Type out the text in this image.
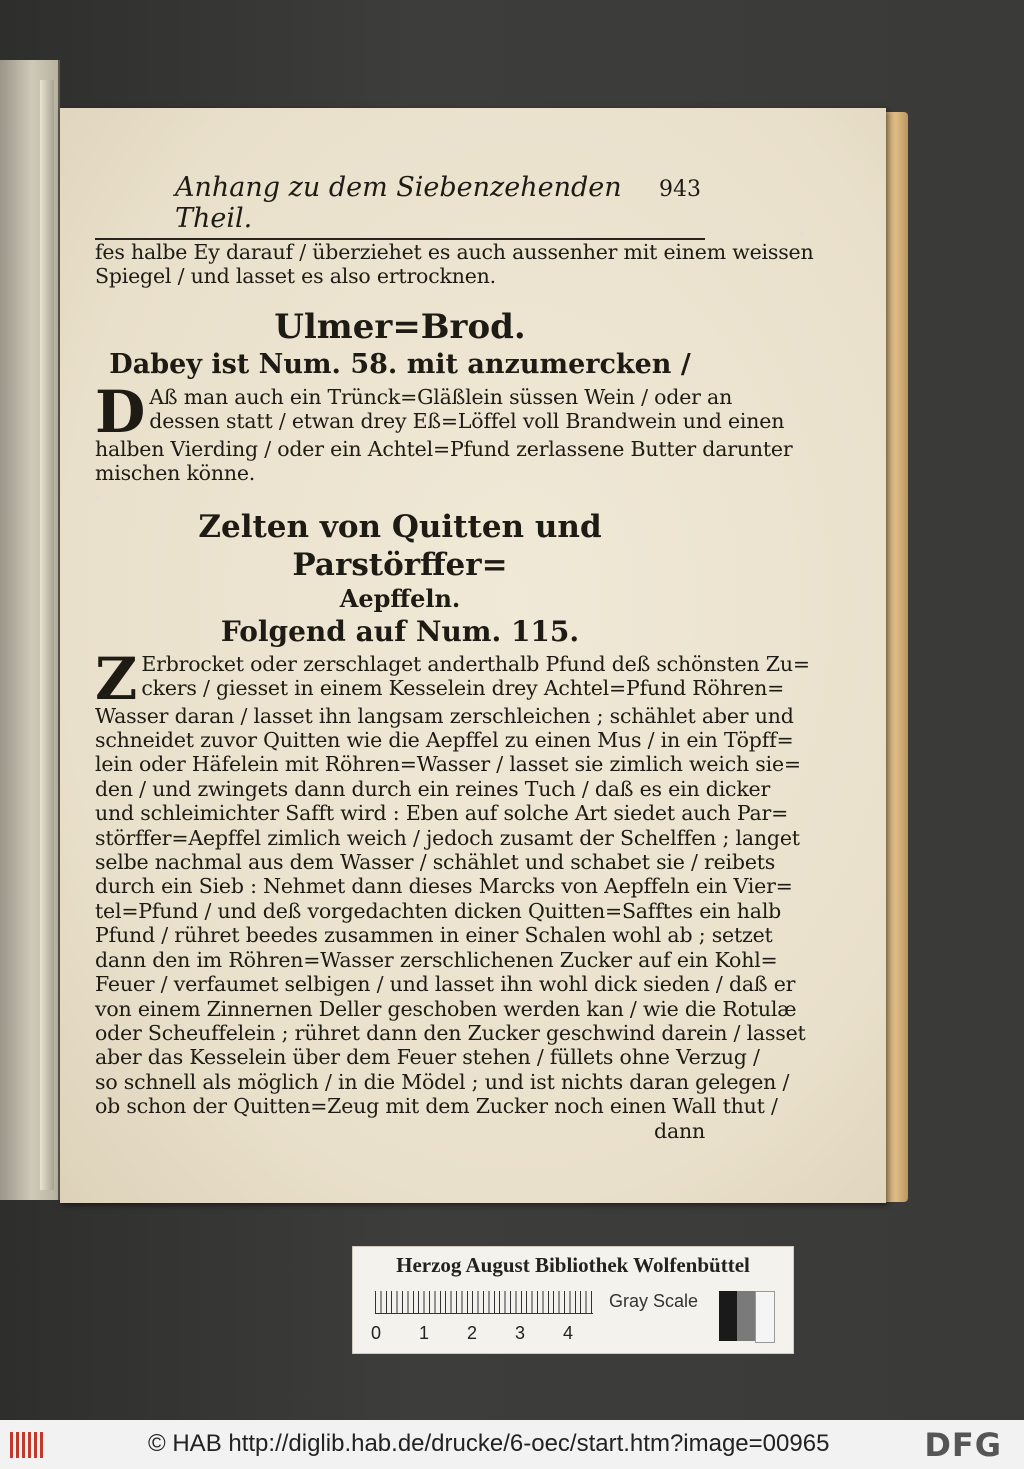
Anhang zu dem Siebenzehenden Theil.
943
fes halbe Ey darauf / überziehet es auch aussenher mit einem weissen
Spiegel / und lasset es also ertrocknen.
Ulmer=Brod.
Dabey ist Num. 58. mit anzumercken /
D Aß man auch ein Trünck=Gläßlein süssen Wein / oder an
dessen statt / etwan drey Eß=Löffel voll Brandwein und einen
halben Vierding / oder ein Achtel=Pfund zerlassene Butter darunter
mischen könne.
Zelten von Quitten und Parstörffer=
Aepffeln.
Folgend auf Num. 115.
Z Erbrocket oder zerschlaget anderthalb Pfund deß schönsten Zu=
ckers / giesset in einem Kesselein drey Achtel=Pfund Röhren=
Wasser daran / lasset ihn langsam zerschleichen ; schählet aber und
schneidet zuvor Quitten wie die Aepffel zu einen Mus / in ein Töpff=
lein oder Häfelein mit Röhren=Wasser / lasset sie zimlich weich sie=
den / und zwingets dann durch ein reines Tuch / daß es ein dicker
und schleimichter Safft wird : Eben auf solche Art siedet auch Par=
störffer=Aepffel zimlich weich / jedoch zusamt der Schelffen ; langet
selbe nachmal aus dem Wasser / schählet und schabet sie / reibets
durch ein Sieb : Nehmet dann dieses Marcks von Aepffeln ein Vier=
tel=Pfund / und deß vorgedachten dicken Quitten=Safftes ein halb
Pfund / rühret beedes zusammen in einer Schalen wohl ab ; setzet
dann den im Röhren=Wasser zerschlichenen Zucker auf ein Kohl=
Feuer / verfaumet selbigen / und lasset ihn wohl dick sieden / daß er
von einem Zinnernen Deller geschoben werden kan / wie die Rotulæ
oder Scheuffelein ; rühret dann den Zucker geschwind darein / lasset
aber das Kesselein über dem Feuer stehen / füllets ohne Verzug /
so schnell als möglich / in die Mödel ; und ist nichts daran gelegen /
ob schon der Quitten=Zeug mit dem Zucker noch einen Wall thut /
dann
Herzog August Bibliothek Wolfenbüttel
0	1	2	3	4
Gray Scale
© HAB http://diglib.hab.de/drucke/6-oec/start.htm?image=00965	DFG
